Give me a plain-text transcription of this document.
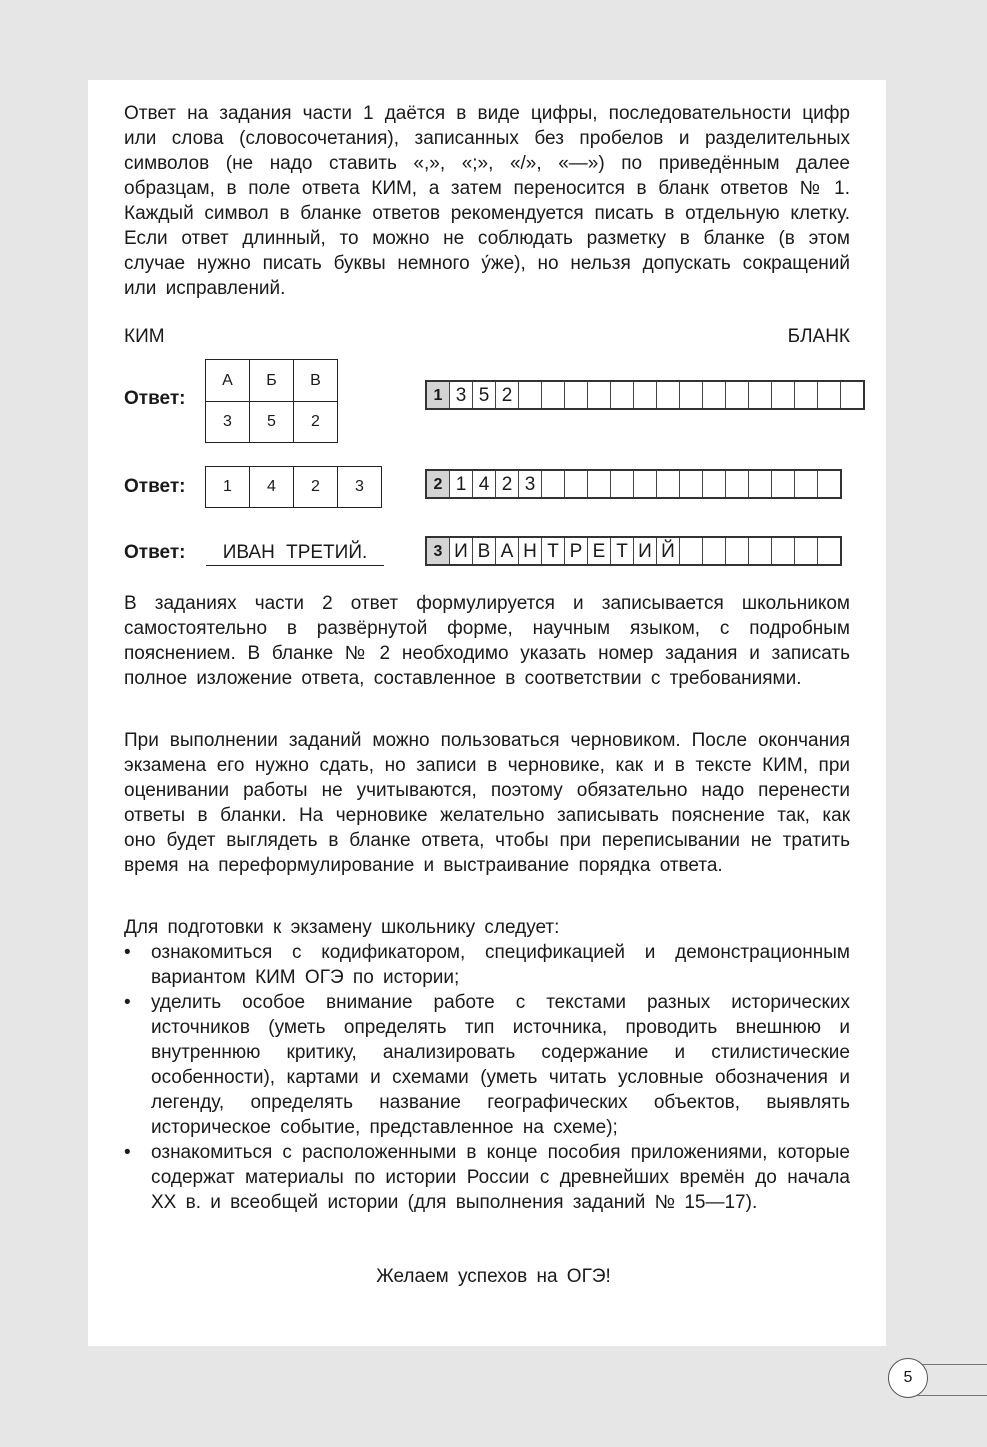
Ответ на задания части 1 даётся в виде цифры, последовательности цифр или слова (словосочетания), записанных без пробелов и разделительных символов (не надо ставить «,», «;», «/», «—») по приведённым далее образцам, в поле ответа КИМ, а затем переносится в бланк ответов № 1. Каждый символ в бланке ответов рекомендуется писать в отдельную клетку. Если ответ длинный, то можно не соблюдать разметку в бланке (в этом случае нужно писать буквы немного у́же), но нельзя допускать сокращений или исправлений.

КИМ	БЛАНК
Ответ:
А	Б	В
3	5	2
1 3 5 2
Ответ: 1	4	2	3	2 1 4 2 3
Ответ:	ИВАН ТРЕТИЙ.	3 И В А Н Т Р Е Т И Й

В заданиях части 2 ответ формулируется и записывается школьником самостоятельно в развёрнутой форме, научным языком, с подробным пояснением. В бланке № 2 необходимо указать номер задания и записать полное изложение ответа, составленное в соответствии с требованиями.

При выполнении заданий можно пользоваться черновиком. После окончания экзамена его нужно сдать, но записи в черновике, как и в тексте КИМ, при оценивании работы не учитываются, поэтому обязательно надо перенести ответы в бланки. На черновике желательно записывать пояснение так, как оно будет выглядеть в бланке ответа, чтобы при переписывании не тратить время на переформулирование и выстраивание порядка ответа.

Для подготовки к экзамену школьнику следует:
• ознакомиться с кодификатором, спецификацией и демонстрационным вариантом КИМ ОГЭ по истории;
• уделить особое внимание работе с текстами разных исторических источников (уметь определять тип источника, проводить внешнюю и внутреннюю критику, анализировать содержание и стилистические особенности), картами и схемами (уметь читать условные обозначения и легенду, определять название географических объектов, выявлять историческое событие, представленное на схеме);
• ознакомиться с расположенными в конце пособия приложениями, которые содержат материалы по истории России с древнейших времён до начала XX в. и всеобщей истории (для выполнения заданий № 15—17).
Желаем успехов на ОГЭ!
5
